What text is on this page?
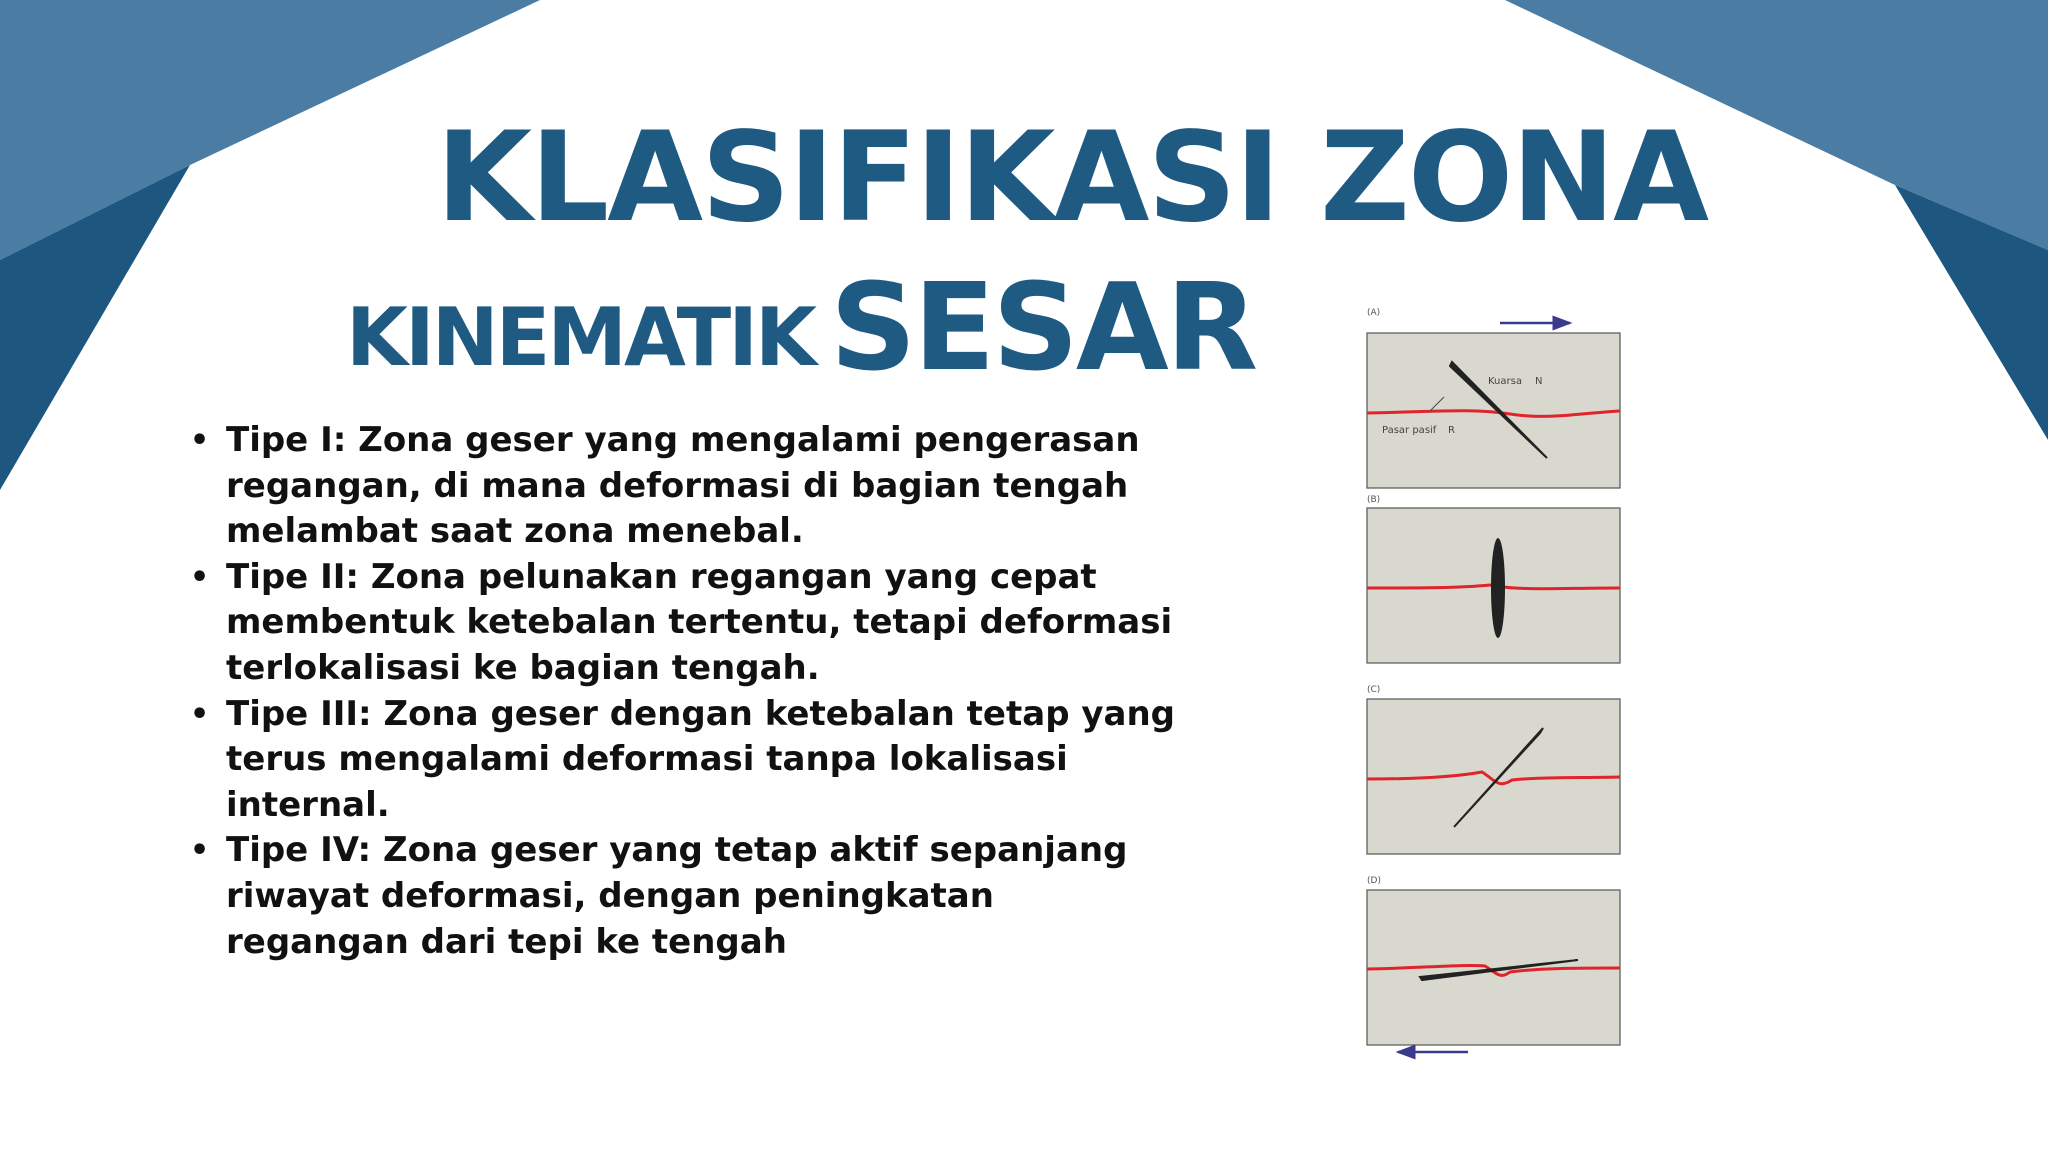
KLASIFIKASI ZONA
KINEMATIK SESAR
• Tipe I: Zona geser yang mengalami pengerasan
regangan, di mana deformasi di bagian tengah
melambat saat zona menebal.
• Tipe II: Zona pelunakan regangan yang cepat
membentuk ketebalan tertentu, tetapi deformasi
terlokalisasi ke bagian tengah.
• Tipe III: Zona geser dengan ketebalan tetap yang
terus mengalami deformasi tanpa lokalisasi
internal.
• Tipe IV: Zona geser yang tetap aktif sepanjang
riwayat deformasi, dengan peningkatan
regangan dari tepi ke tengah
(A)
Kuarsa N
Pasar pasif R
(B)
(C)
(D)
